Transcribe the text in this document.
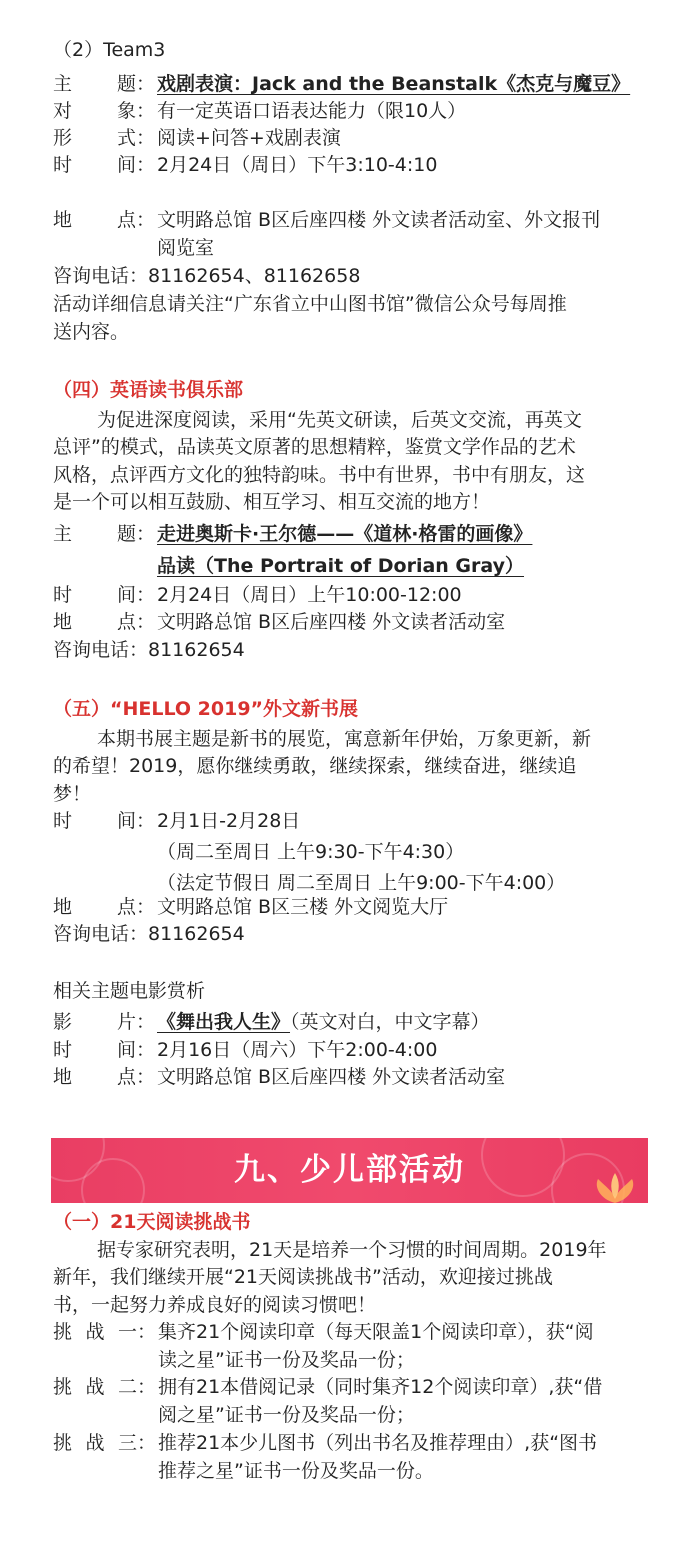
（2）Team3
主 题： 戏剧表演：Jack and the Beanstalk《杰克与魔豆》
对 象： 有一定英语口语表达能力（限10人）
形 式： 阅读+问答+戏剧表演
时 间： 2月24日（周日）下午3:10-4:10
地 点： 文明路总馆 B区后座四楼 外文读者活动室、外文报刊
阅览室
咨询电话：81162654、81162658
活动详细信息请关注“广东省立中山图书馆”微信公众号每周推
送内容。
（四）英语读书俱乐部
为促进深度阅读，采用“先英文研读，后英文交流，再英文
总评”的模式，品读英文原著的思想精粹，鉴赏文学作品的艺术
风格，点评西方文化的独特韵味。书中有世界，书中有朋友，这
是一个可以相互鼓励、相互学习、相互交流的地方！
主 题： 走进奥斯卡·王尔德——《道林·格雷的画像》
品读（The Portrait of Dorian Gray）
时 间： 2月24日（周日）上午10:00-12:00
地 点： 文明路总馆 B区后座四楼 外文读者活动室
咨询电话：81162654
（五）“HELLO 2019”外文新书展
本期书展主题是新书的展览，寓意新年伊始，万象更新，新
的希望！2019，愿你继续勇敢，继续探索，继续奋进，继续追
梦！
时 间： 2月1日-2月28日
（周二至周日 上午9:30-下午4:30）
（法定节假日 周二至周日 上午9:00-下午4:00）
地 点： 文明路总馆 B区三楼 外文阅览大厅
咨询电话：81162654
相关主题电影赏析
影 片： 《舞出我人生》（英文对白，中文字幕）
时 间： 2月16日（周六）下午2:00-4:00
地 点： 文明路总馆 B区后座四楼 外文读者活动室
九、少儿部活动
（一）21天阅读挑战书
据专家研究表明，21天是培养一个习惯的时间周期。2019年
新年，我们继续开展“21天阅读挑战书”活动，欢迎接过挑战
书，一起努力养成良好的阅读习惯吧！
挑 战 一： 集齐21个阅读印章（每天限盖1个阅读印章），获“阅
读之星”证书一份及奖品一份；
挑 战 二： 拥有21本借阅记录（同时集齐12个阅读印章）,获“借
阅之星”证书一份及奖品一份；
挑 战 三： 推荐21本少儿图书（列出书名及推荐理由）,获“图书
推荐之星”证书一份及奖品一份。
